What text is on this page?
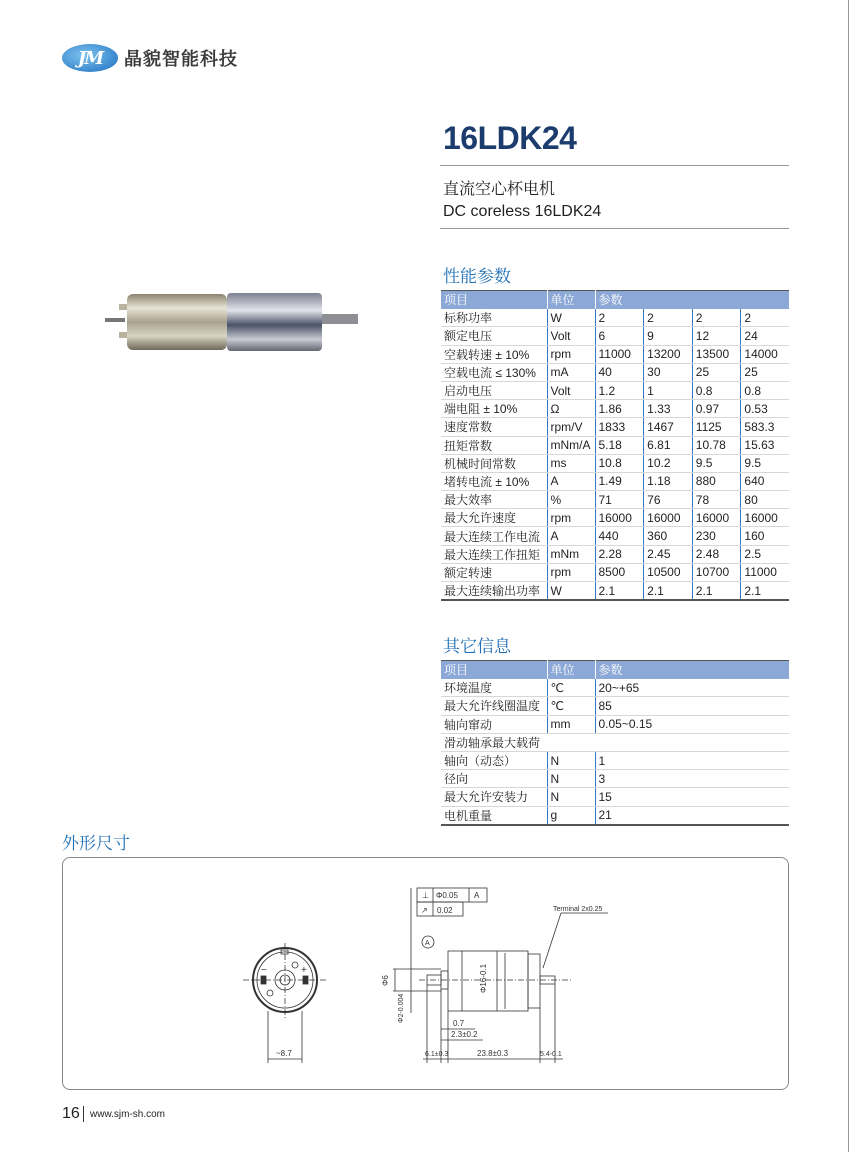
JM	晶貌智能科技
16LDK24
直流空心杯电机
DC coreless 16LDK24
性能参数
项目	单位	参数			
标称功率	W	2	2	2	2
额定电压	Volt	6	9	12	24
空载转速 ± 10%	rpm	11000	13200	13500	14000
空载电流 ≤ 130%	mA	40	30	25	25
启动电压	Volt	1.2	1	0.8	0.8
端电阻 ± 10%	Ω	1.86	1.33	0.97	0.53
速度常数	rpm/V	1833	1467	1125	583.3
扭矩常数	mNm/A	5.18	6.81	10.78	15.63
机械时间常数	ms	10.8	10.2	9.5	9.5
堵转电流 ± 10%	A	1.49	1.18	880	640
最大效率	%	71	76	78	80
最大允许速度	rpm	16000	16000	16000	16000
最大连续工作电流	A	440	360	230	160
最大连续工作扭矩	mNm	2.28	2.45	2.48	2.5
额定转速	rpm	8500	10500	10700	11000
最大连续输出功率	W	2.1	2.1	2.1	2.1
其它信息
项目	单位	参数
环境温度	℃	20~+65
最大允许线圈温度	℃	85
轴向窜动	mm	0.05~0.15
滑动轴承最大载荷		
轴向（动态）	N	1
径向	N	3
最大允许安装力	N	15
电机重量	g	21
外形尺寸
−	+
~8.7
⊥ Φ0.05 A
↗ 0.02
A
Φ16-0.1
Φ6
Φ2-0.004
Terminal 2x0.25
0.7
2.3±0.2
6.1±0.3	23.8±0.3	5.4-0.1
16 www.sjm-sh.com
